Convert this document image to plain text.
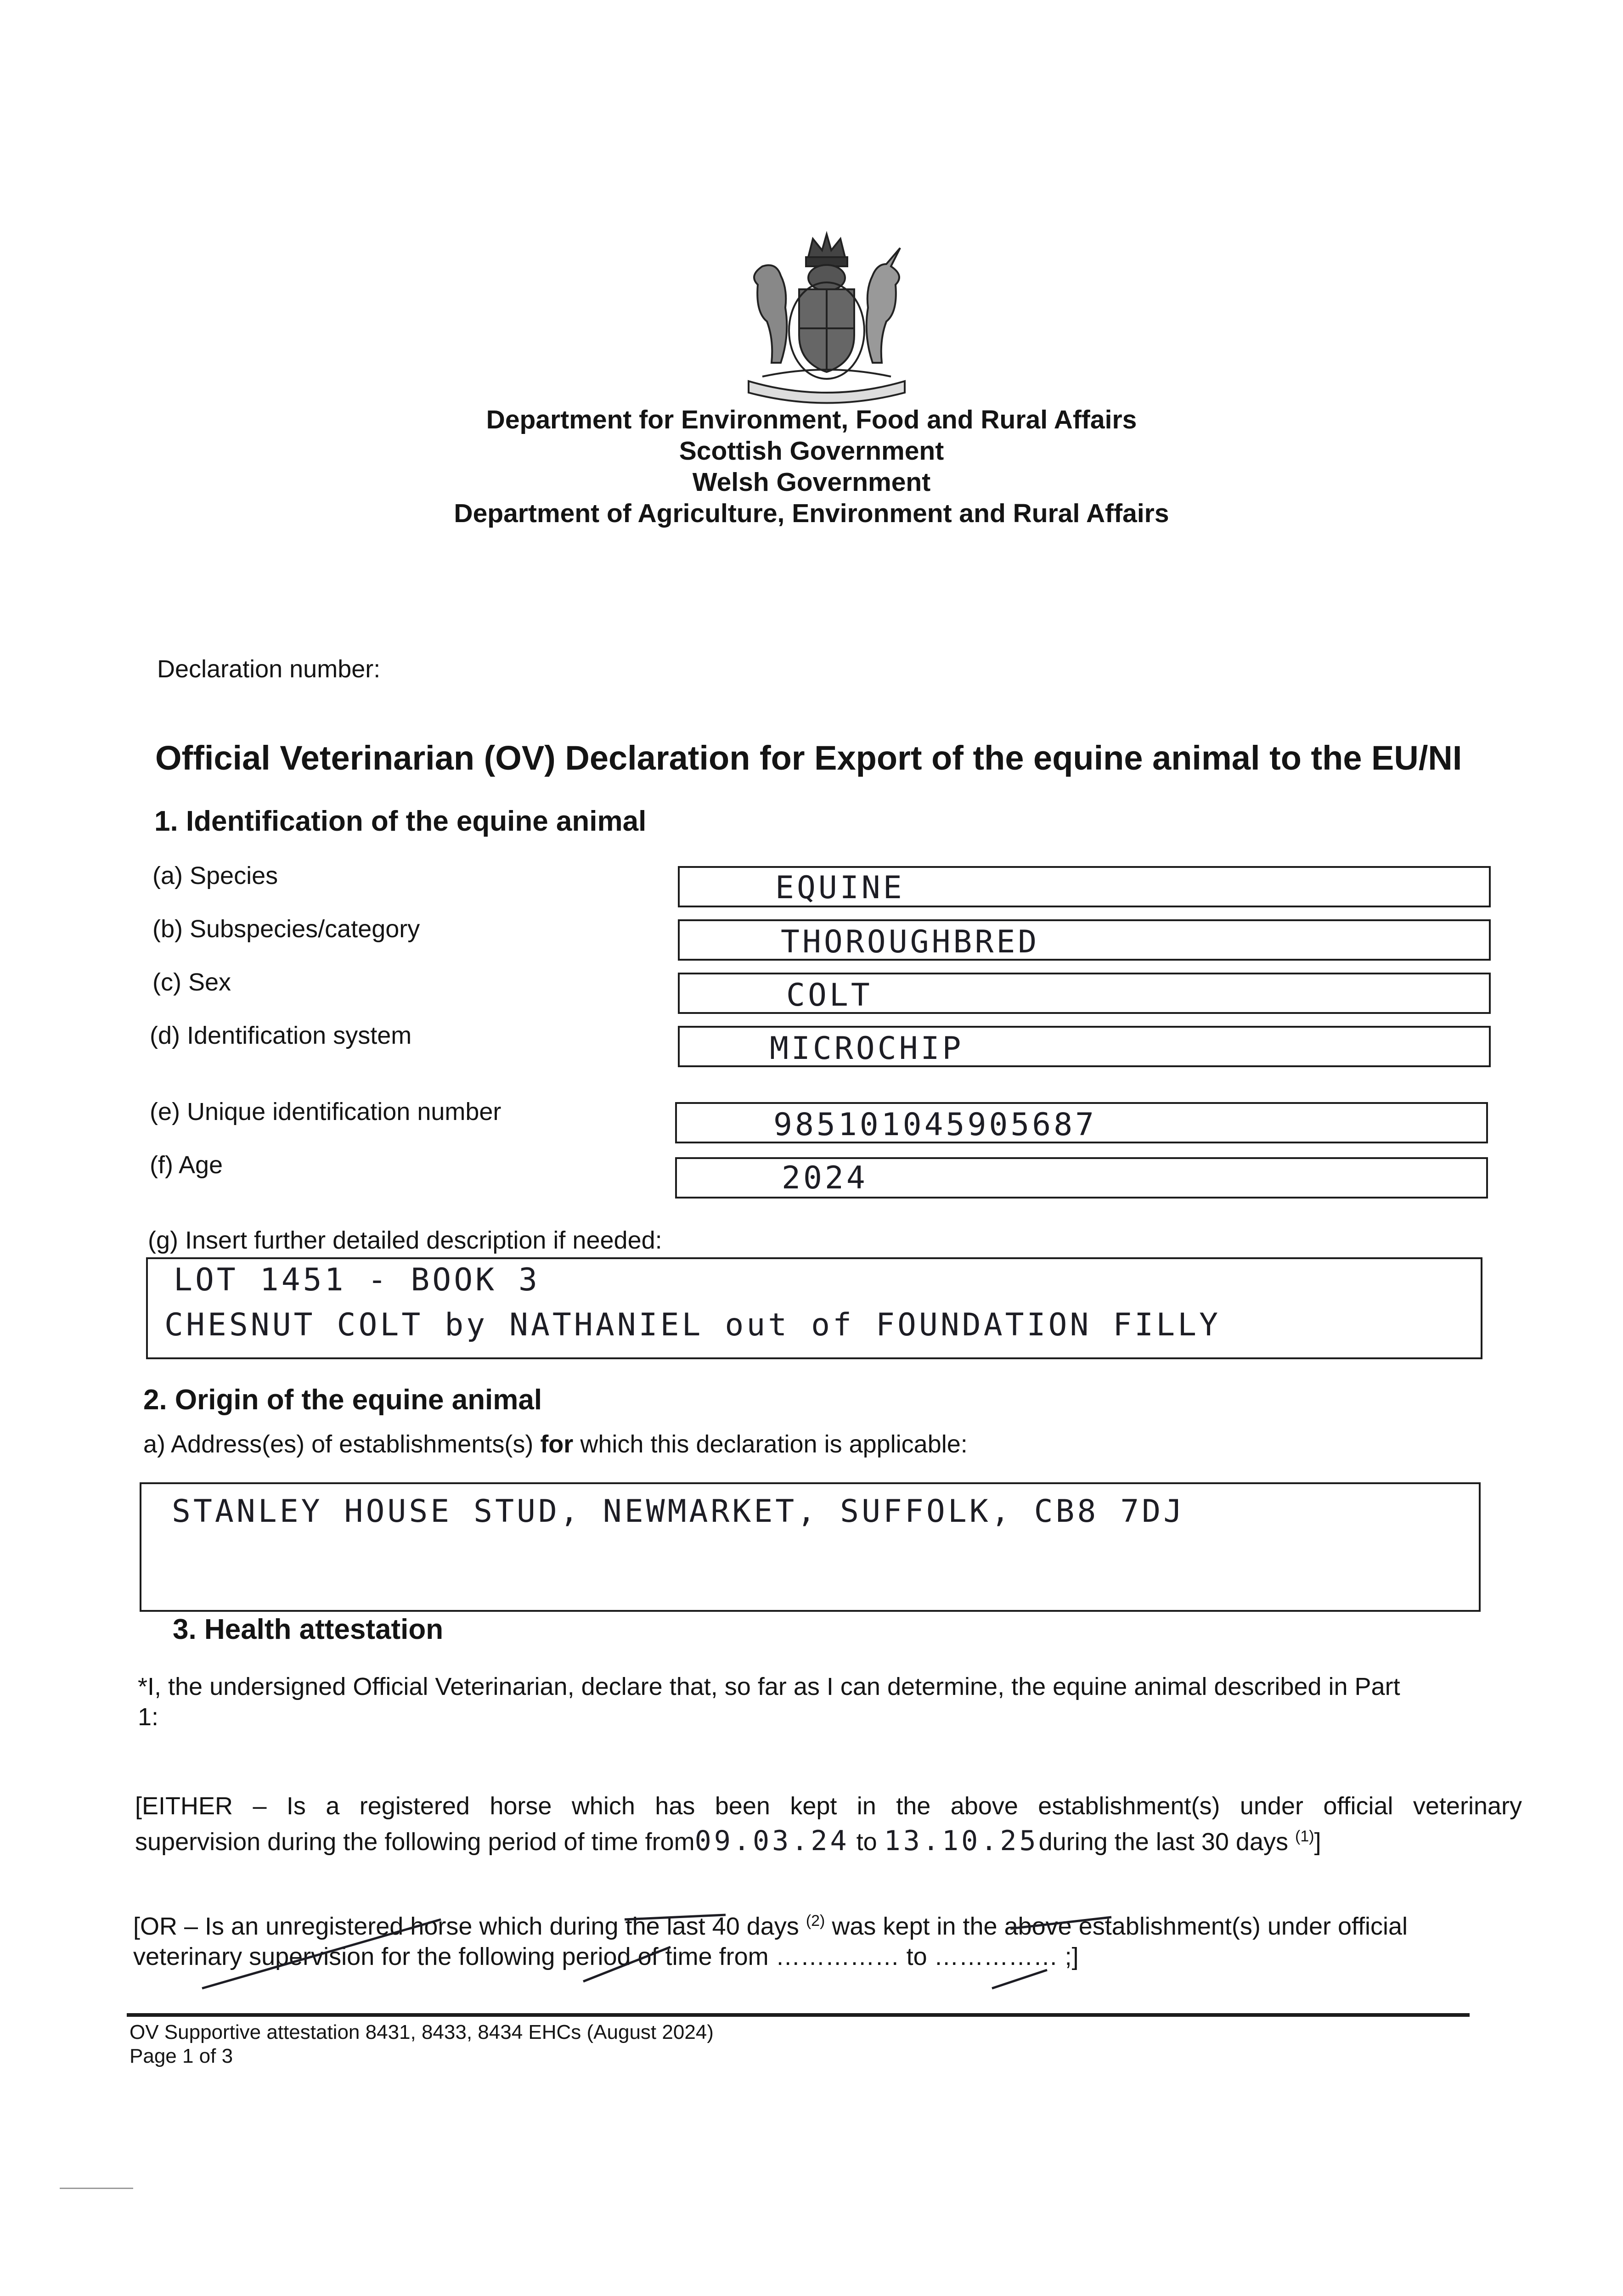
Department for Environment, Food and Rural Affairs
Scottish Government
Welsh Government
Department of Agriculture, Environment and Rural Affairs
Declaration number:
Official Veterinarian (OV) Declaration for Export of the equine animal to the EU/NI
1. Identification of the equine animal
(a) Species	EQUINE
(b) Subspecies/category	THOROUGHBRED
(c) Sex	COLT
(d) Identification system	MICROCHIP
(e) Unique identification number	985101045905687
(f) Age	2024
(g) Insert further detailed description if needed:
LOT 1451 - BOOK 3
CHESNUT COLT by NATHANIEL out of FOUNDATION FILLY
2. Origin of the equine animal
a) Address(es) of establishments(s) for which this declaration is applicable:
STANLEY HOUSE STUD, NEWMARKET, SUFFOLK, CB8 7DJ
3. Health attestation
*I, the undersigned Official Veterinarian, declare that, so far as I can determine, the equine animal described in Part
1:
[EITHER – Is a registered horse which has been kept in the above establishment(s) under official veterinary
supervision during the following period of time from09.03.24 to 13.10.25during the last 30 days $^{(1)}$]
[OR – Is an unregistered horse which during the last 40 days $^{(2)}$ was kept in the above establishment(s) under official
veterinary supervision for the following period of time from …………… to …………… ;]
OV Supportive attestation 8431, 8433, 8434 EHCs (August 2024)
Page 1 of 3
